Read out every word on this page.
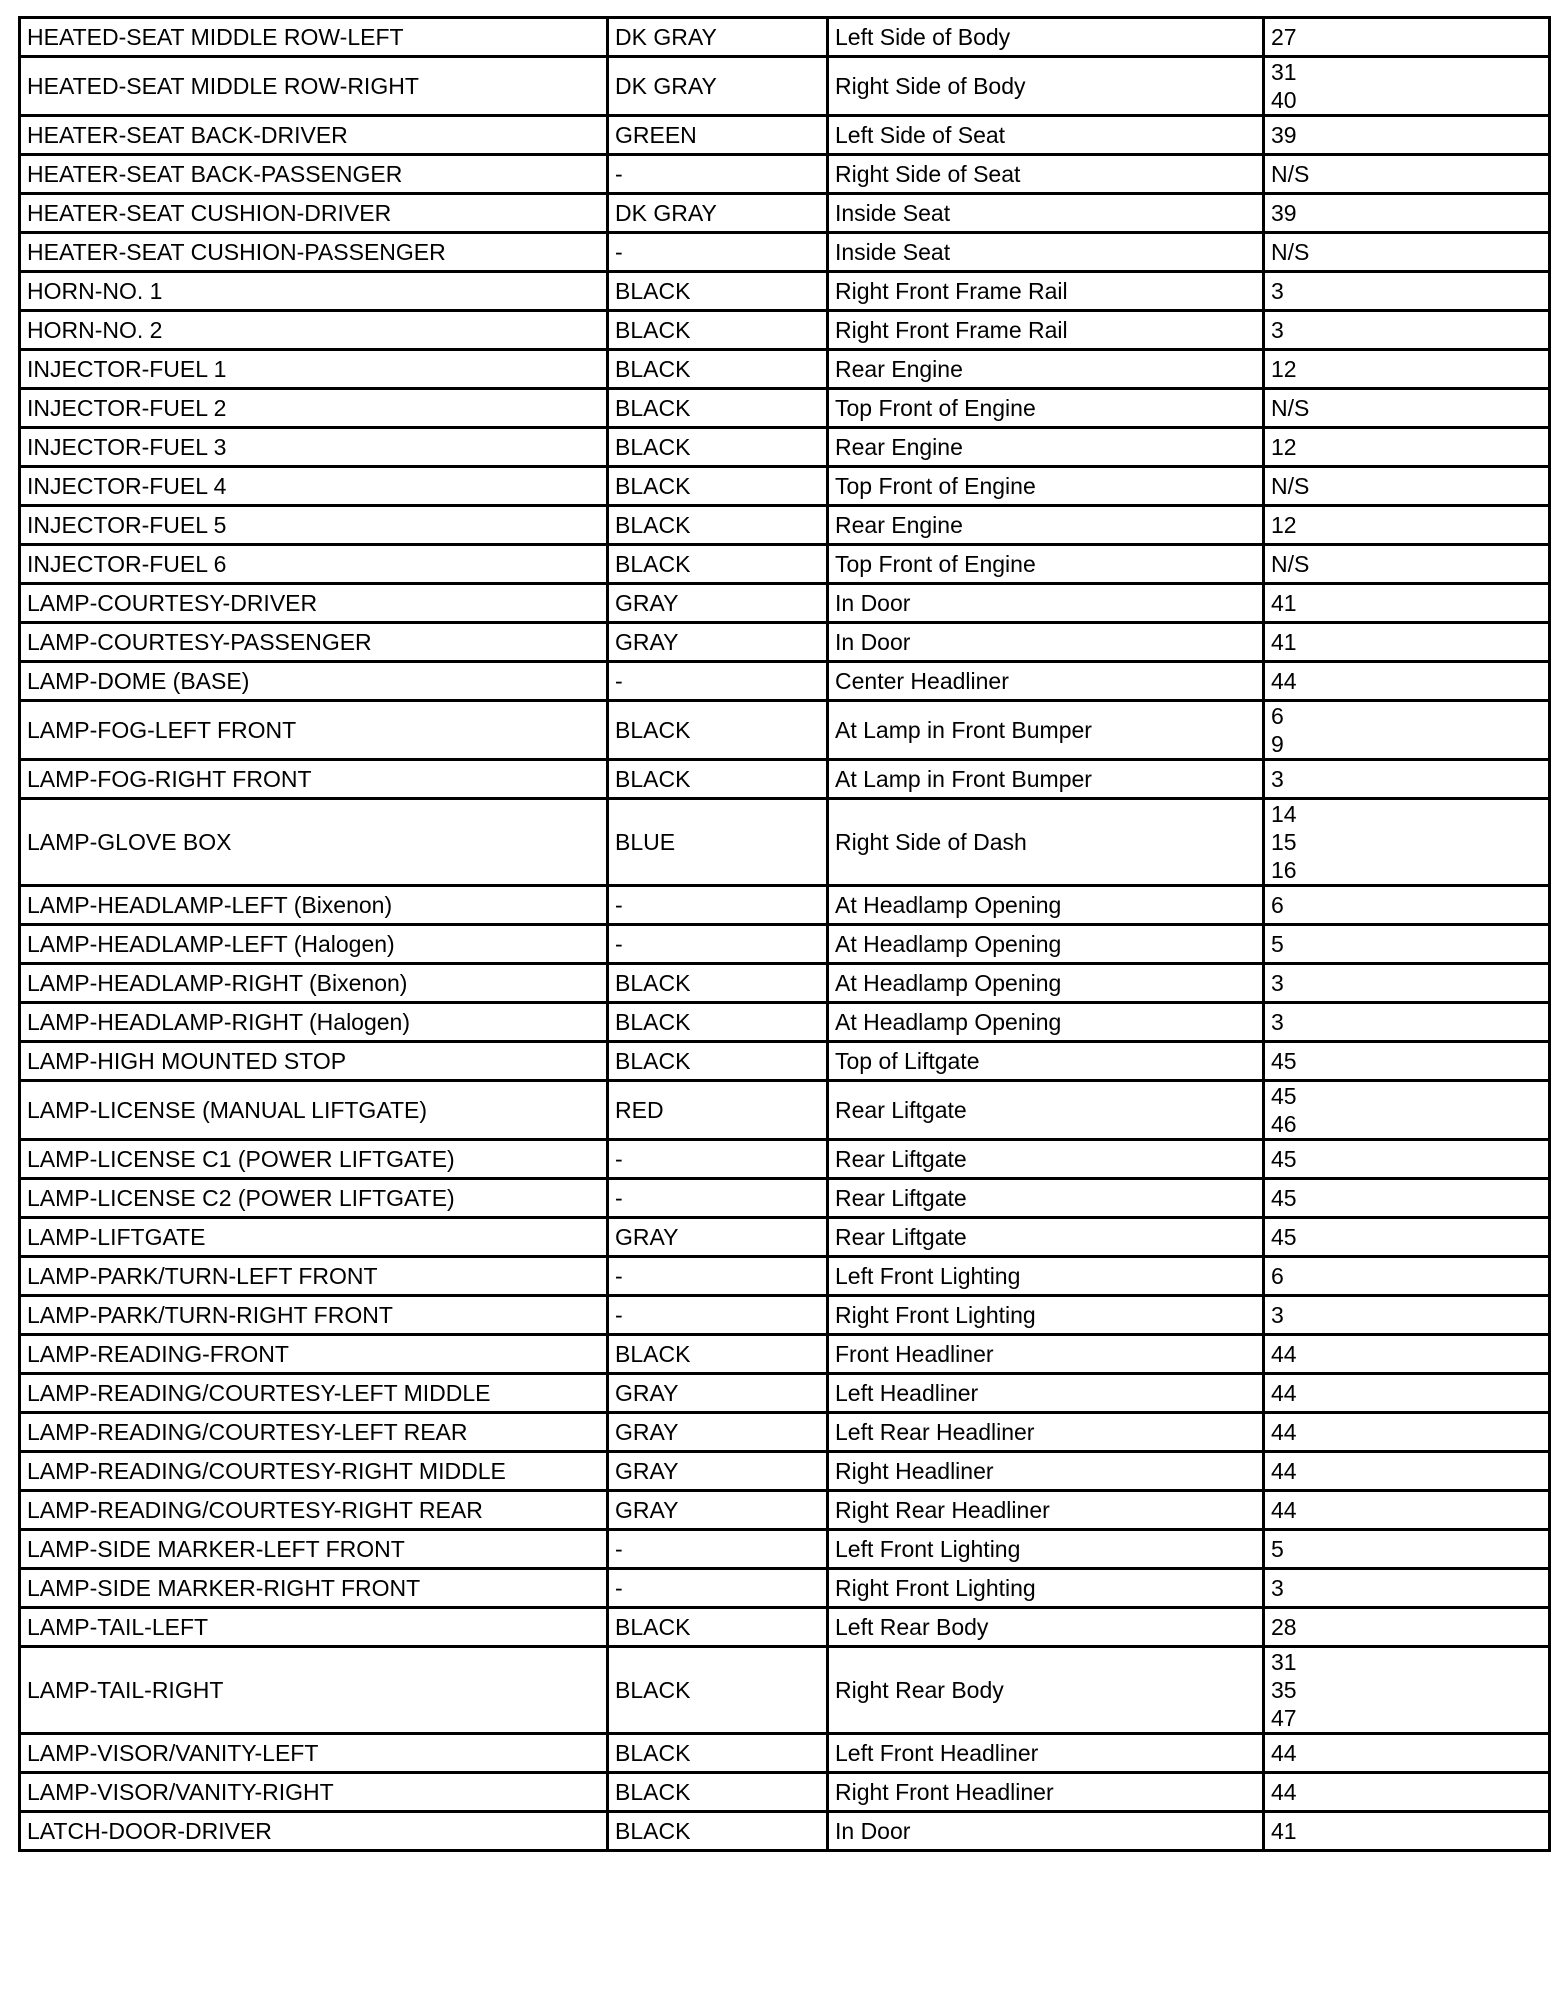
HEATED-SEAT MIDDLE ROW-LEFT	DK GRAY	Left Side of Body	27

HEATED-SEAT MIDDLE ROW-RIGHT	DK GRAY	Right Side of Body	31
40

HEATER-SEAT BACK-DRIVER	GREEN	Left Side of Seat	39

HEATER-SEAT BACK-PASSENGER	-	Right Side of Seat	N/S

HEATER-SEAT CUSHION-DRIVER	DK GRAY	Inside Seat	39

HEATER-SEAT CUSHION-PASSENGER	-	Inside Seat	N/S

HORN-NO. 1	BLACK	Right Front Frame Rail	3

HORN-NO. 2	BLACK	Right Front Frame Rail	3

INJECTOR-FUEL 1	BLACK	Rear Engine	12

INJECTOR-FUEL 2	BLACK	Top Front of Engine	N/S

INJECTOR-FUEL 3	BLACK	Rear Engine	12

INJECTOR-FUEL 4	BLACK	Top Front of Engine	N/S

INJECTOR-FUEL 5	BLACK	Rear Engine	12

INJECTOR-FUEL 6	BLACK	Top Front of Engine	N/S

LAMP-COURTESY-DRIVER	GRAY	In Door	41

LAMP-COURTESY-PASSENGER	GRAY	In Door	41

LAMP-DOME (BASE)	-	Center Headliner	44

LAMP-FOG-LEFT FRONT	BLACK	At Lamp in Front Bumper	6
9

LAMP-FOG-RIGHT FRONT	BLACK	At Lamp in Front Bumper	3

LAMP-GLOVE BOX	BLUE	Right Side of Dash	14
15
16

LAMP-HEADLAMP-LEFT (Bixenon)	-	At Headlamp Opening	6

LAMP-HEADLAMP-LEFT (Halogen)	-	At Headlamp Opening	5

LAMP-HEADLAMP-RIGHT (Bixenon)	BLACK	At Headlamp Opening	3

LAMP-HEADLAMP-RIGHT (Halogen)	BLACK	At Headlamp Opening	3

LAMP-HIGH MOUNTED STOP	BLACK	Top of Liftgate	45

LAMP-LICENSE (MANUAL LIFTGATE)	RED	Rear Liftgate	45
46

LAMP-LICENSE C1 (POWER LIFTGATE)	-	Rear Liftgate	45

LAMP-LICENSE C2 (POWER LIFTGATE)	-	Rear Liftgate	45

LAMP-LIFTGATE	GRAY	Rear Liftgate	45

LAMP-PARK/TURN-LEFT FRONT	-	Left Front Lighting	6

LAMP-PARK/TURN-RIGHT FRONT	-	Right Front Lighting	3

LAMP-READING-FRONT	BLACK	Front Headliner	44

LAMP-READING/COURTESY-LEFT MIDDLE	GRAY	Left Headliner	44

LAMP-READING/COURTESY-LEFT REAR	GRAY	Left Rear Headliner	44

LAMP-READING/COURTESY-RIGHT MIDDLE	GRAY	Right Headliner	44

LAMP-READING/COURTESY-RIGHT REAR	GRAY	Right Rear Headliner	44

LAMP-SIDE MARKER-LEFT FRONT	-	Left Front Lighting	5

LAMP-SIDE MARKER-RIGHT FRONT	-	Right Front Lighting	3

LAMP-TAIL-LEFT	BLACK	Left Rear Body	28

LAMP-TAIL-RIGHT	BLACK	Right Rear Body	31
35
47

LAMP-VISOR/VANITY-LEFT	BLACK	Left Front Headliner	44

LAMP-VISOR/VANITY-RIGHT	BLACK	Right Front Headliner	44

LATCH-DOOR-DRIVER	BLACK	In Door	41
